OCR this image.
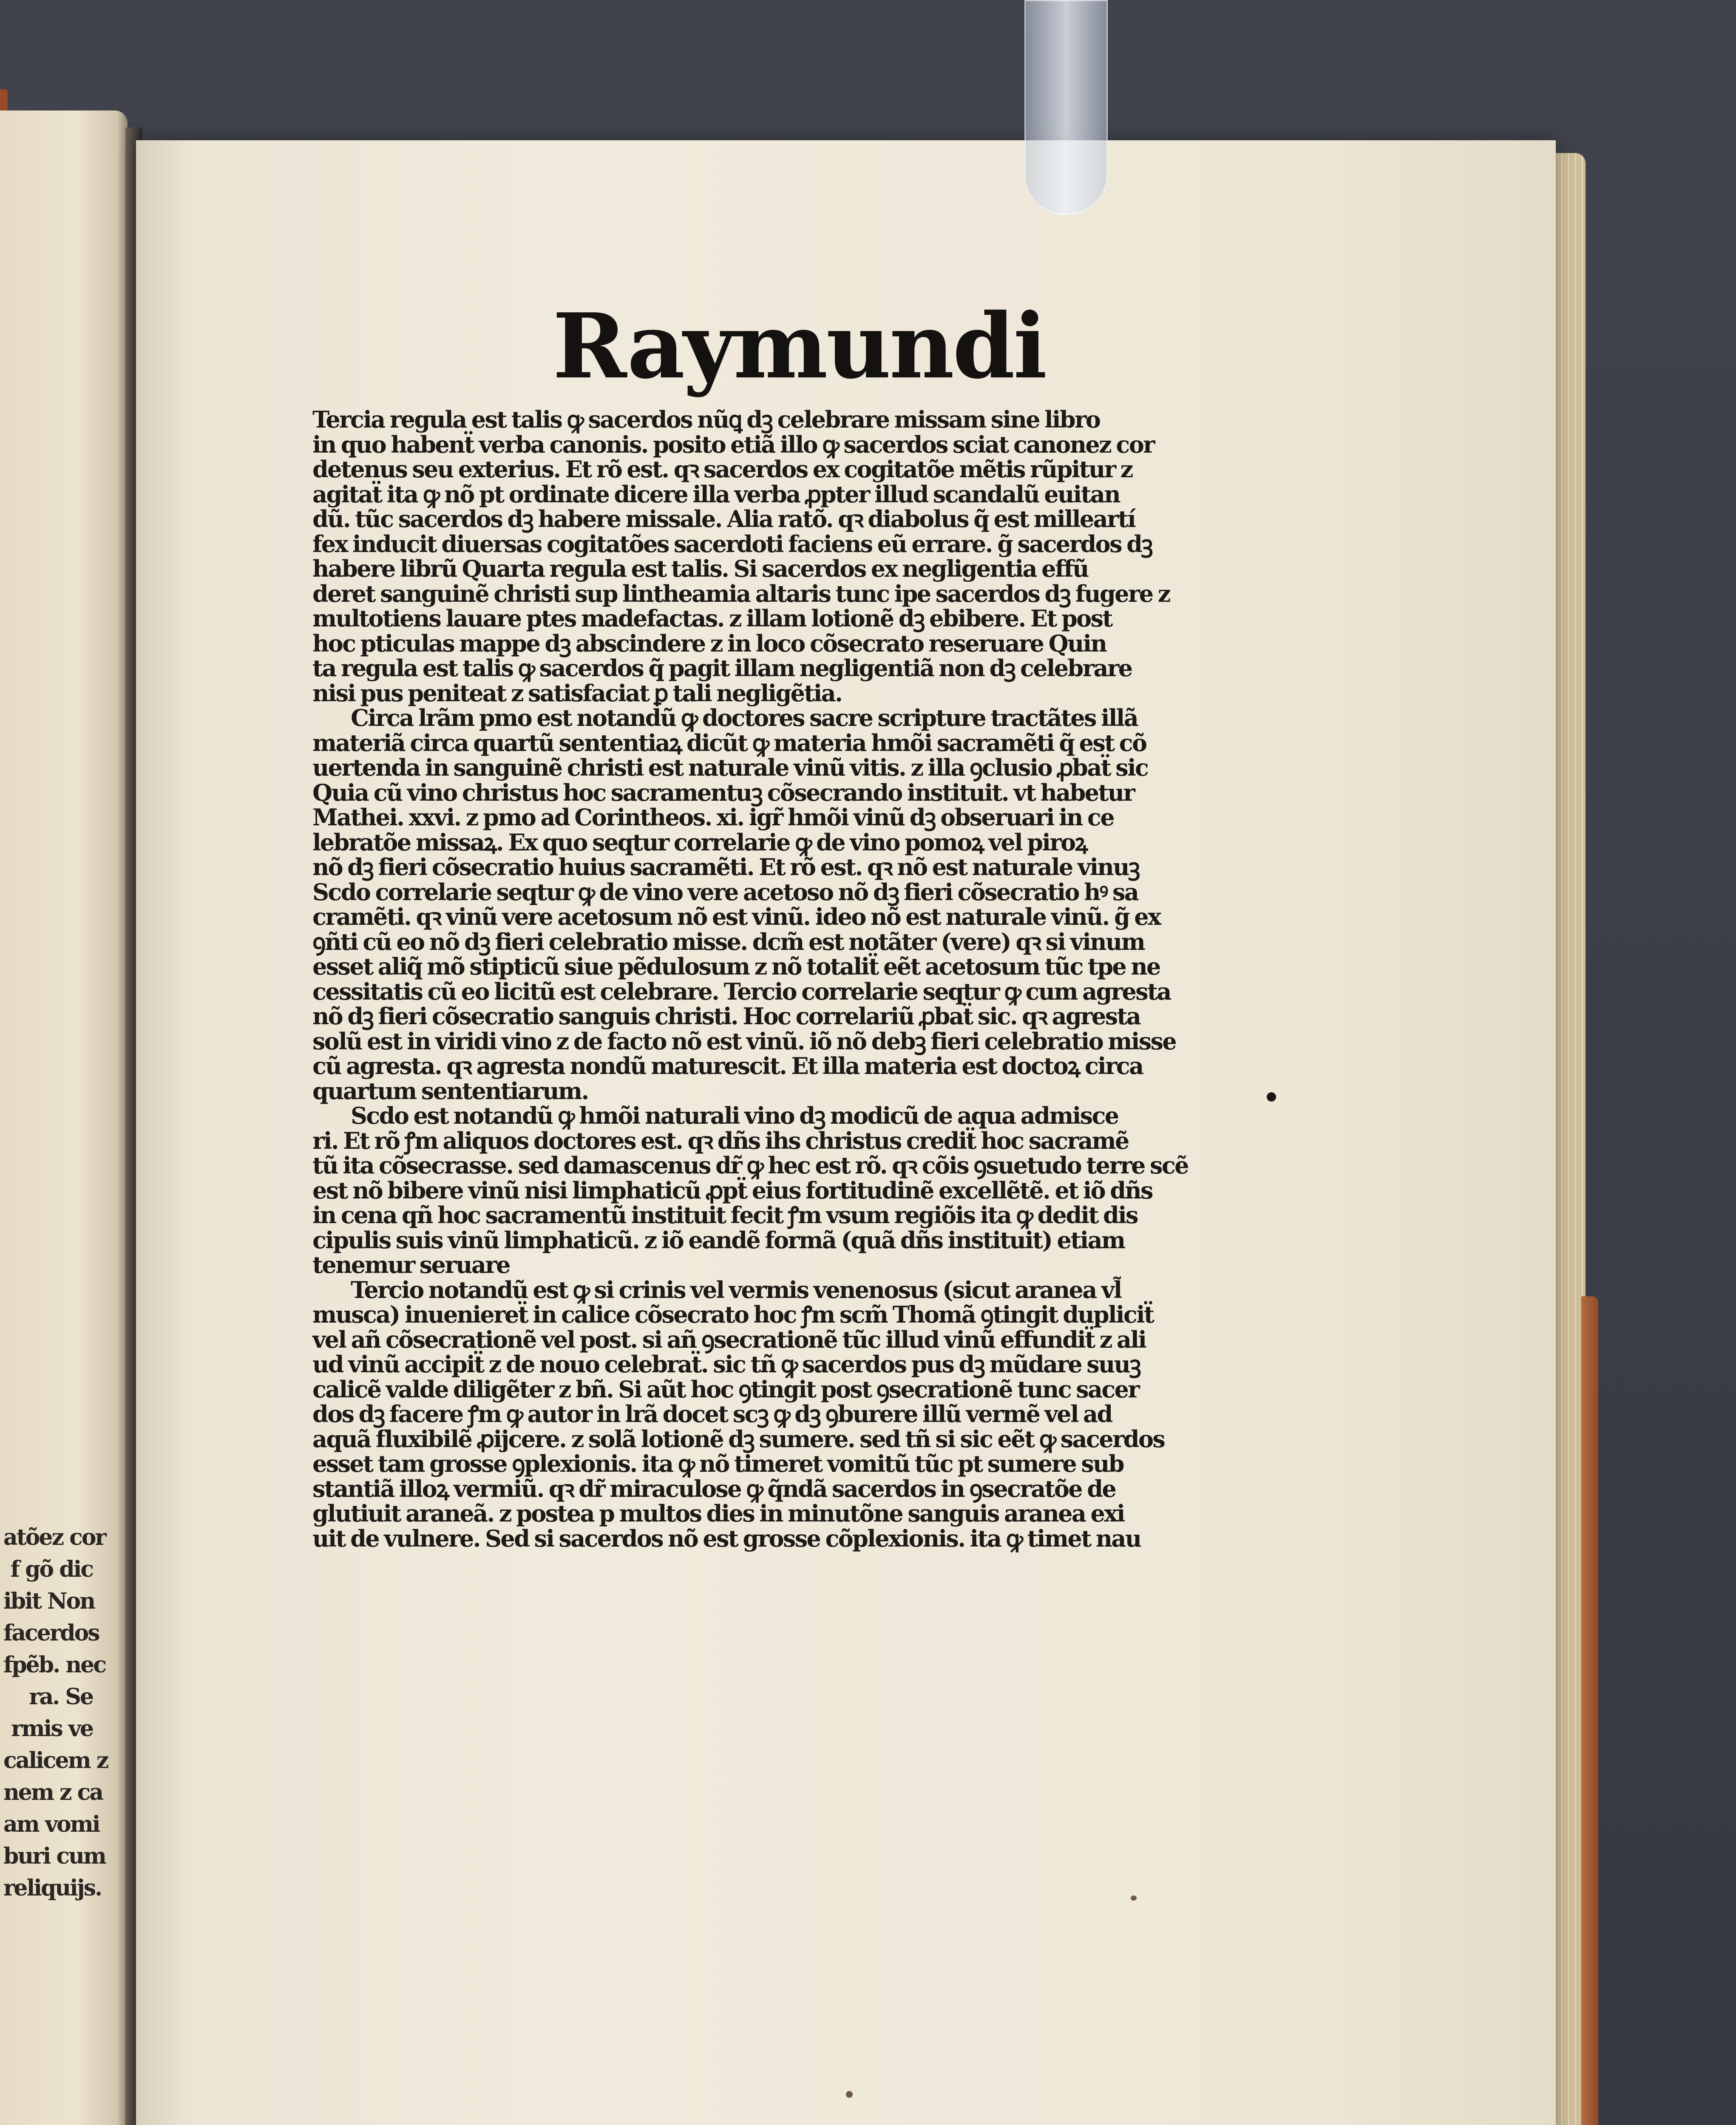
atõez cor
f gõ dic
ibit Non
facerdos
fpẽb. nec
ra. Se
rmis ve
calicem z
nem z ca
am vomi
buri cum
reliquijs.
Raymundi
Tercia regula est talis ꝙ sacerdos nũꝗ dꝫ celebrare missam sine libro
in quo habenẗ verba canonis. posito etiã illo ꝙ sacerdos sciat canonez cor
detenus seu exterius. Et rõ est. qꝛ sacerdos ex cogitatõe mẽtis rũpitur z
agitaẗ ita ꝙ nõ pt ordinate dicere illa verba ꝓpter illud scandalũ euitan
dũ. tũc sacerdos dꝫ habere missale. Alia ratõ. qꝛ diabolus q̃ est milleartí
fex inducit diuersas cogitatões sacerdoti faciens eũ errare. g̃ sacerdos dꝫ
habere librũ Quarta regula est talis. Si sacerdos ex negligentia effũ
deret sanguinẽ christi sup lintheamia altaris tunc ipe sacerdos dꝫ fugere z
multotiens lauare ptes madefactas. z illam lotionẽ dꝫ ebibere. Et post
hoc pticulas mappe dꝫ abscindere z in loco cõsecrato reseruare Quin
ta regula est talis ꝙ sacerdos q̃ pagit illam negligentiã non dꝫ celebrare
nisi pus peniteat z satisfaciat ꝑ tali negligẽtia.
Circa lrãm pmo est notandũ ꝙ doctores sacre scripture tractãtes illã
materiã circa quartũ sententiaꝝ dicũt ꝙ materia hmõi sacramẽti q̃ est cõ
uertenda in sanguinẽ christi est naturale vinũ vitis. z illa ꝯclusio ꝓbaẗ sic
Quia cũ vino christus hoc sacramentuꝫ cõsecrando instituit. vt habetur
Mathei. xxvi. z pmo ad Corintheos. xi. igr̃ hmõi vinũ dꝫ obseruari in ce
lebratõe missaꝝ. Ex quo seqtur correlarie ꝙ de vino pomoꝝ vel piroꝝ
nõ dꝫ fieri cõsecratio huius sacramẽti. Et rõ est. qꝛ nõ est naturale vinuꝫ
Scdo correlarie seqtur ꝙ de vino vere acetoso nõ dꝫ fieri cõsecratio hꝰ sa
cramẽti. qꝛ vinũ vere acetosum nõ est vinũ. ideo nõ est naturale vinũ. g̃ ex
ꝯñti cũ eo nõ dꝫ fieri celebratio misse. dcm̃ est notãter (vere) qꝛ si vinum
esset aliq̃ mõ stipticũ siue pẽdulosum z nõ totaliẗ eẽt acetosum tũc tpe ne
cessitatis cũ eo licitũ est celebrare. Tercio correlarie seqtur ꝙ cum agresta
nõ dꝫ fieri cõsecratio sanguis christi. Hoc correlariũ ꝓbaẗ sic. qꝛ agresta
solũ est in viridi vino z de facto nõ est vinũ. iõ nõ debꝫ fieri celebratio misse
cũ agresta. qꝛ agresta nondũ maturescit. Et illa materia est doctoꝝ circa
quartum sententiarum.
Scdo est notandũ ꝙ hmõi naturali vino dꝫ modicũ de aqua admisce
ri. Et rõ ꝭm aliquos doctores est. qꝛ dñs ihs christus crediẗ hoc sacramẽ
tũ ita cõsecrasse. sed damascenus dr̃ ꝙ hec est rõ. qꝛ cõis ꝯsuetudo terre scẽ
est nõ bibere vinũ nisi limphaticũ ꝓpẗ eius fortitudinẽ excellẽtẽ. et iõ dñs
in cena qñ hoc sacramentũ instituit fecit ꝭm vsum regiõis ita ꝙ dedit dis
cipulis suis vinũ limphaticũ. z iõ eandẽ formã (quã dñs instituit) etiam
tenemur seruare
Tercio notandũ est ꝙ si crinis vel vermis venenosus (sicut aranea vl̃
musca) inueniereẗ in calice cõsecrato hoc ꝭm scm̃ Thomã ꝯtingit dupliciẗ
vel añ cõsecrationẽ vel post. si añ ꝯsecrationẽ tũc illud vinũ effundiẗ z ali
ud vinũ accipiẗ z de nouo celebraẗ. sic tñ ꝙ sacerdos pus dꝫ mũdare suuꝫ
calicẽ valde diligẽter z bñ. Si aũt hoc ꝯtingit post ꝯsecrationẽ tunc sacer
dos dꝫ facere ꝭm ꝙ autor in lrã docet scꝫ ꝙ dꝫ ꝯburere illũ vermẽ vel ad
aquã fluxibilẽ ꝓijcere. z solã lotionẽ dꝫ sumere. sed tñ si sic eẽt ꝙ sacerdos
esset tam grosse ꝯplexionis. ita ꝙ nõ timeret vomitũ tũc pt sumere sub
stantiã illoꝝ vermiũ. qꝛ dr̃ miraculose ꝙ q̃ndã sacerdos in ꝯsecratõe de
glutiuit araneã. z postea p multos dies in minutõne sanguis aranea exi
uit de vulnere. Sed si sacerdos nõ est grosse cõplexionis. ita ꝙ timet nau
